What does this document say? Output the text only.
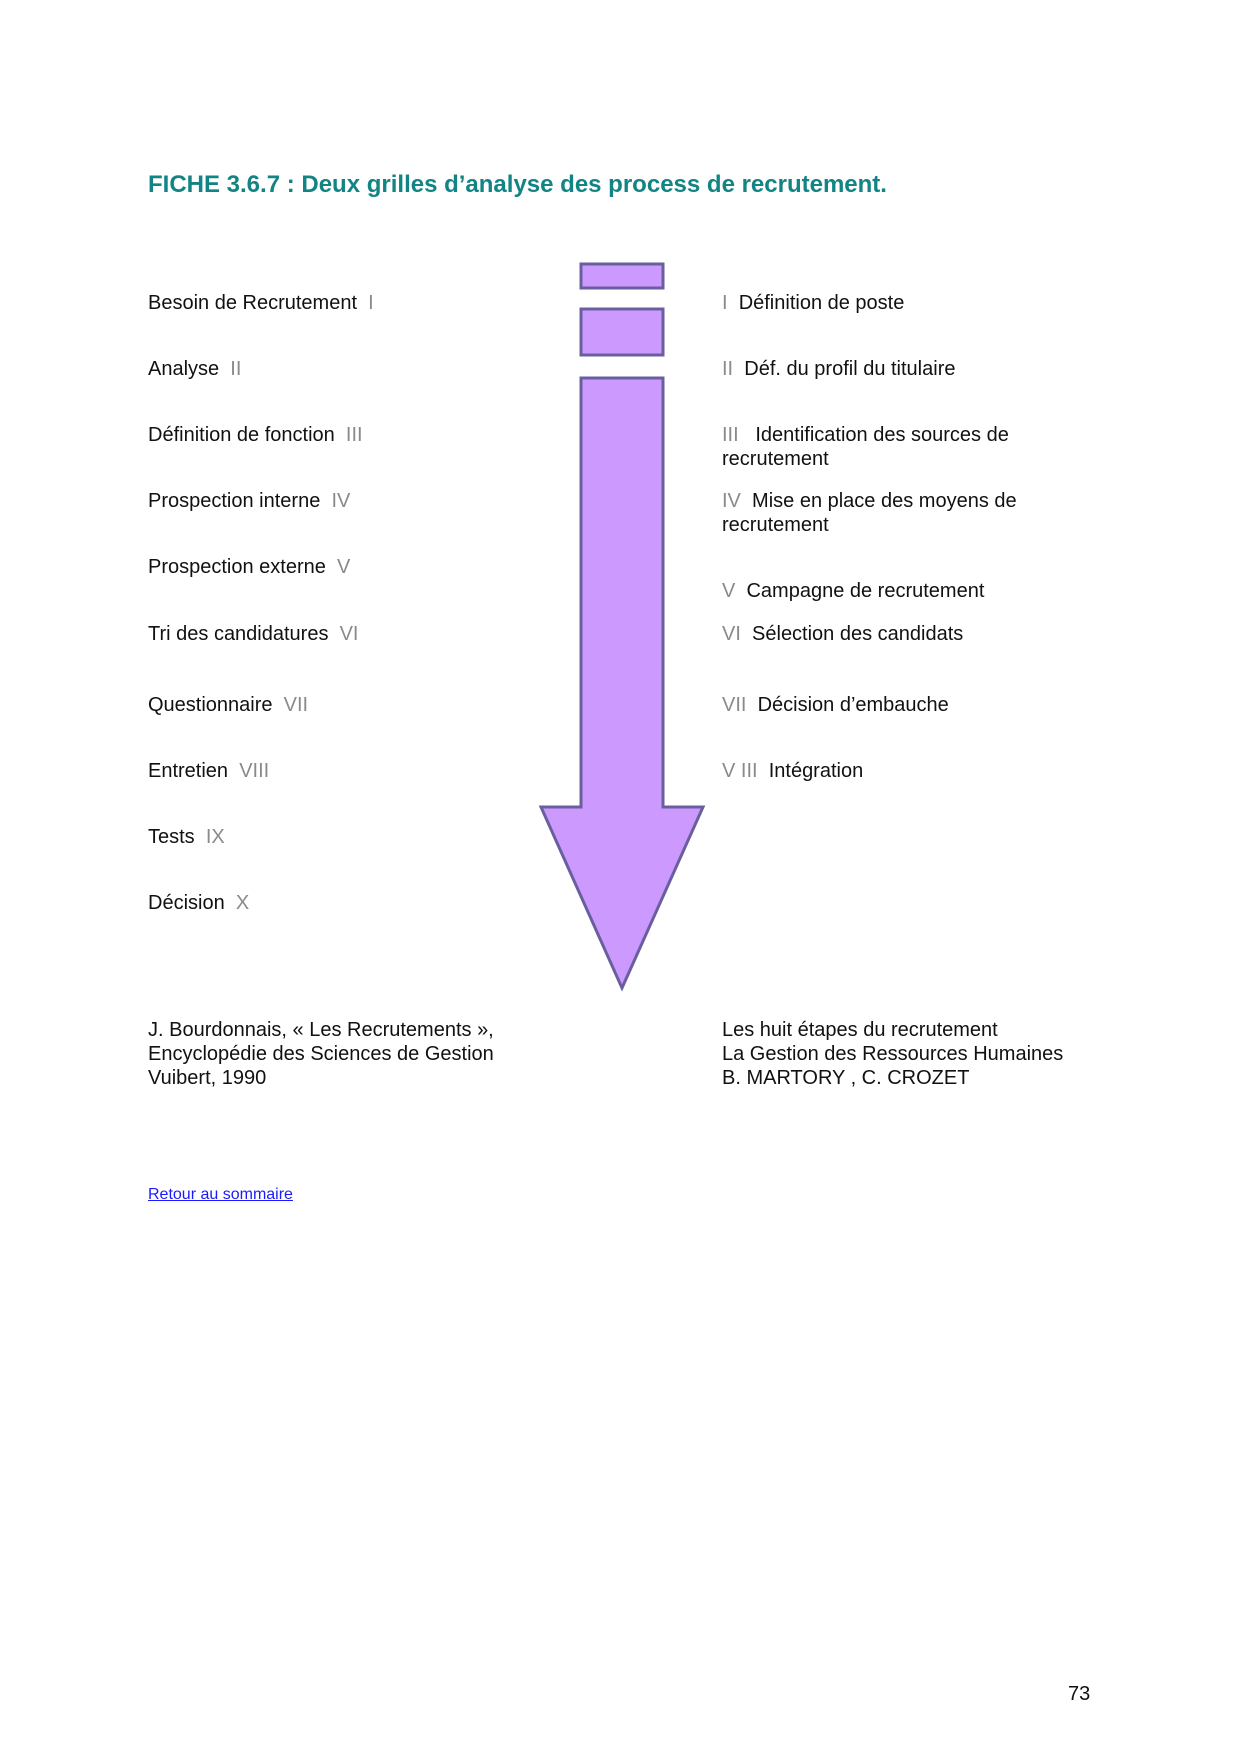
FICHE 3.6.7 : Deux grilles d’analyse des process de recrutement.
Besoin de Recrutement I
Analyse II
Définition de fonction III
Prospection interne IV
Prospection externe V
Tri des candidatures VI
Questionnaire VII
Entretien VIII
Tests IX
Décision X
I Définition de poste
II Déf. du profil du titulaire
III Identification des sources de recrutement
IV Mise en place des moyens de recrutement
V Campagne de recrutement
VI Sélection des candidats
VII Décision d’embauche
V III Intégration
J. Bourdonnais, « Les Recrutements »,
Encyclopédie des Sciences de Gestion
Vuibert, 1990
Les huit étapes du recrutement
La Gestion des Ressources Humaines
B. MARTORY , C. CROZET
Retour au sommaire
73
